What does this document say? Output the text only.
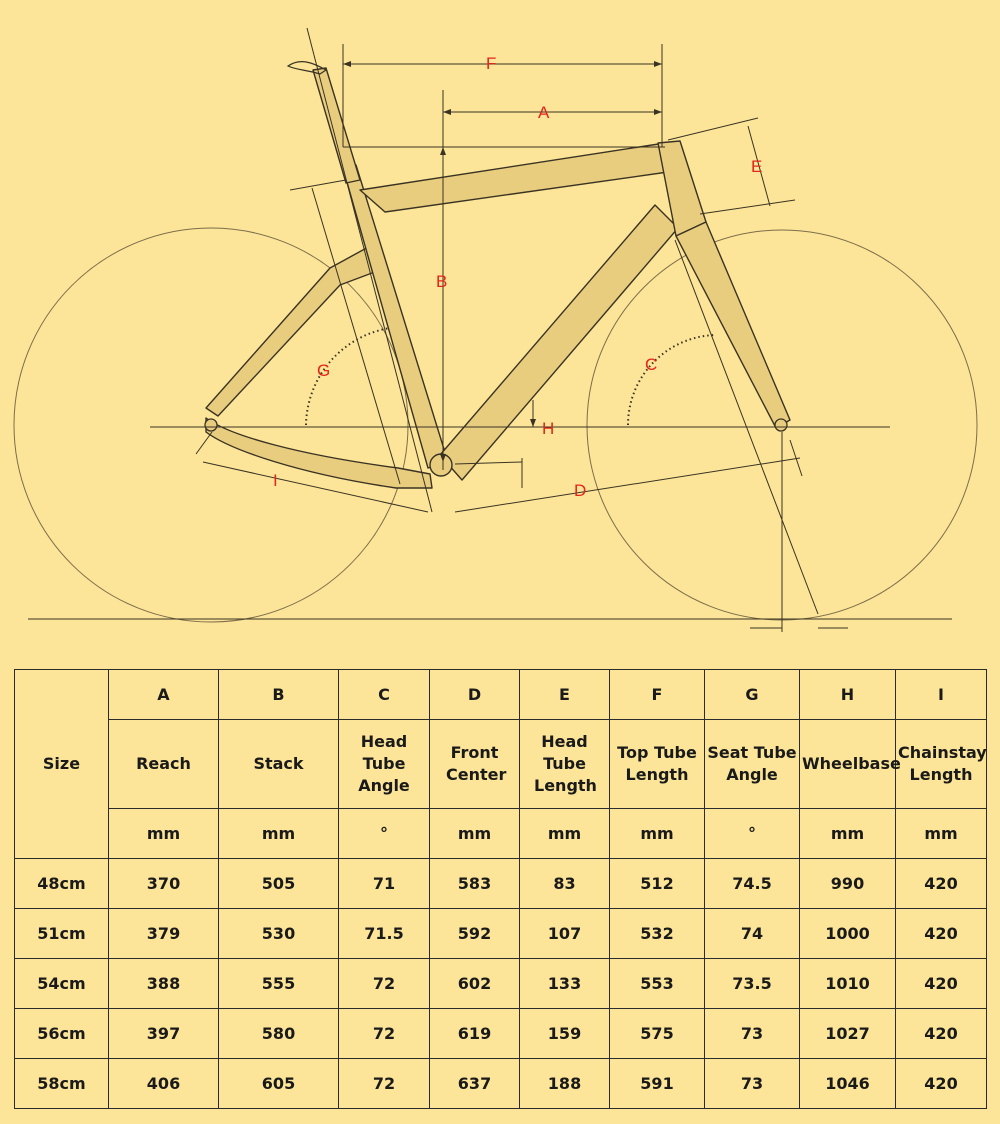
F
A
E
B
G	C
H
I
D
Size	A	B	C	D	E	F	G	H	I
	Reach	Stack	Head Tube Angle	Front Center	Head Tube Length	Top Tube Length	Seat Tube Angle	Wheelbase	Chainstay Length
	mm	mm	°	mm	mm	mm	°	mm	mm
48cm	370	505	71	583	83	512	74.5	990	420
51cm	379	530	71.5	592	107	532	74	1000	420
54cm	388	555	72	602	133	553	73.5	1010	420
56cm	397	580	72	619	159	575	73	1027	420
58cm	406	605	72	637	188	591	73	1046	420
